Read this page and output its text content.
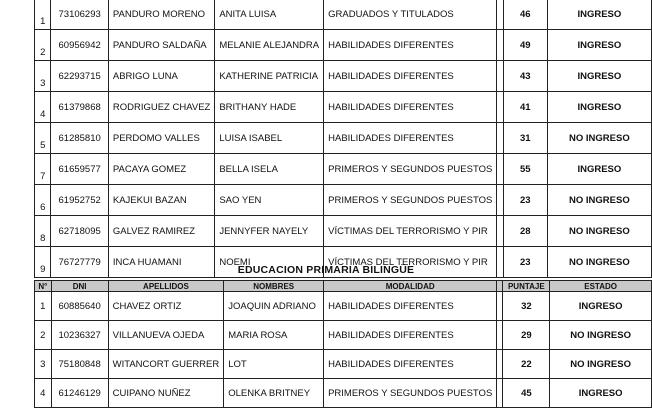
1	73106293	PANDURO MORENO	ANITA LUISA	GRADUADOS Y TITULADOS		46	INGRESO
2	60956942	PANDURO SALDAÑA	MELANIE ALEJANDRA	HABILIDADES DIFERENTES		49	INGRESO
3	62293715	ABRIGO LUNA	KATHERINE PATRICIA	HABILIDADES DIFERENTES		43	INGRESO
4	61379868	RODRIGUEZ CHAVEZ	BRITHANY HADE	HABILIDADES DIFERENTES		41	INGRESO
5	61285810	PERDOMO VALLES	LUISA ISABEL	HABILIDADES DIFERENTES		31	NO INGRESO
7	61659577	PACAYA GOMEZ	BELLA ISELA	PRIMEROS Y SEGUNDOS PUESTOS		55	INGRESO
6	61952752	KAJEKUI BAZAN	SAO YEN	PRIMEROS Y SEGUNDOS PUESTOS		23	NO INGRESO
8	62718095	GALVEZ RAMIREZ	JENNYFER NAYELY	VÍCTIMAS DEL TERRORISMO Y PIR		28	NO INGRESO
9	76727779	INCA HUAMANI	NOEMI	VÍCTIMAS DEL TERRORISMO Y PIR		23	NO INGRESO
EDUCACION PRIMARIA BILINGÜE
N°	DNI	APELLIDOS	NOMBRES	MODALIDAD		PUNTAJE	ESTADO
1	60885640	CHAVEZ ORTIZ	JOAQUIN ADRIANO	HABILIDADES DIFERENTES		32	INGRESO
2	10236327	VILLANUEVA OJEDA	MARIA ROSA	HABILIDADES DIFERENTES		29	NO INGRESO
3	75180848	WITANCORT GUERRER	LOT	HABILIDADES DIFERENTES		22	NO INGRESO
4	61246129	CUIPANO NUÑEZ	OLENKA BRITNEY	PRIMEROS Y SEGUNDOS PUESTOS		45	INGRESO
